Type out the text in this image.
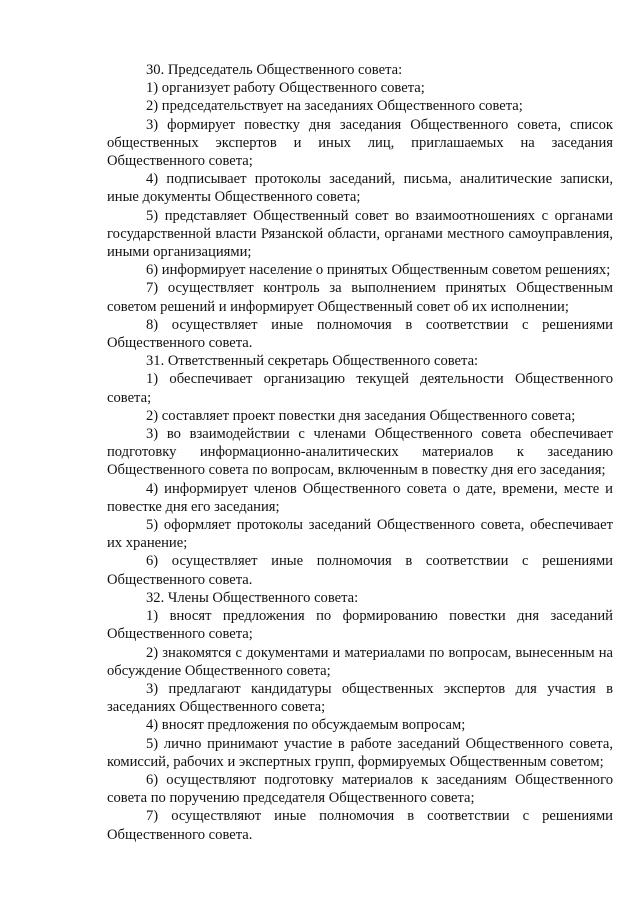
30. Председатель Общественного совета:

1) организует работу Общественного совета;

2) председательствует на заседаниях Общественного совета;

3) формирует повестку дня заседания Общественного совета, список общественных экспертов и иных лиц, приглашаемых на заседания Общественного совета;

4) подписывает протоколы заседаний, письма, аналитические записки, иные документы Общественного совета;

5) представляет Общественный совет во взаимоотношениях с органами государственной власти Рязанской области, органами местного самоуправления, иными организациями;

6) информирует население о принятых Общественным советом решениях;

7) осуществляет контроль за выполнением принятых Общественным советом решений и информирует Общественный совет об их исполнении;

8) осуществляет иные полномочия в соответствии с решениями Общественного совета.

31. Ответственный секретарь Общественного совета:

1) обеспечивает организацию текущей деятельности Общественного совета;

2) составляет проект повестки дня заседания Общественного совета;

3) во взаимодействии с членами Общественного совета обеспечивает подготовку информационно-аналитических материалов к заседанию Общественного совета по вопросам, включенным в повестку дня его заседания;

4) информирует членов Общественного совета о дате, времени, месте и повестке дня его заседания;

5) оформляет протоколы заседаний Общественного совета, обеспечивает их хранение;

6) осуществляет иные полномочия в соответствии с решениями Общественного совета.

32. Члены Общественного совета:

1) вносят предложения по формированию повестки дня заседаний Общественного совета;

2) знакомятся с документами и материалами по вопросам, вынесенным на обсуждение Общественного совета;

3) предлагают кандидатуры общественных экспертов для участия в заседаниях Общественного совета;

4) вносят предложения по обсуждаемым вопросам;

5) лично принимают участие в работе заседаний Общественного совета, комиссий, рабочих и экспертных групп, формируемых Общественным советом;

6) осуществляют подготовку материалов к заседаниям Общественного совета по поручению председателя Общественного совета;

7) осуществляют иные полномочия в соответствии с решениями Общественного совета.
